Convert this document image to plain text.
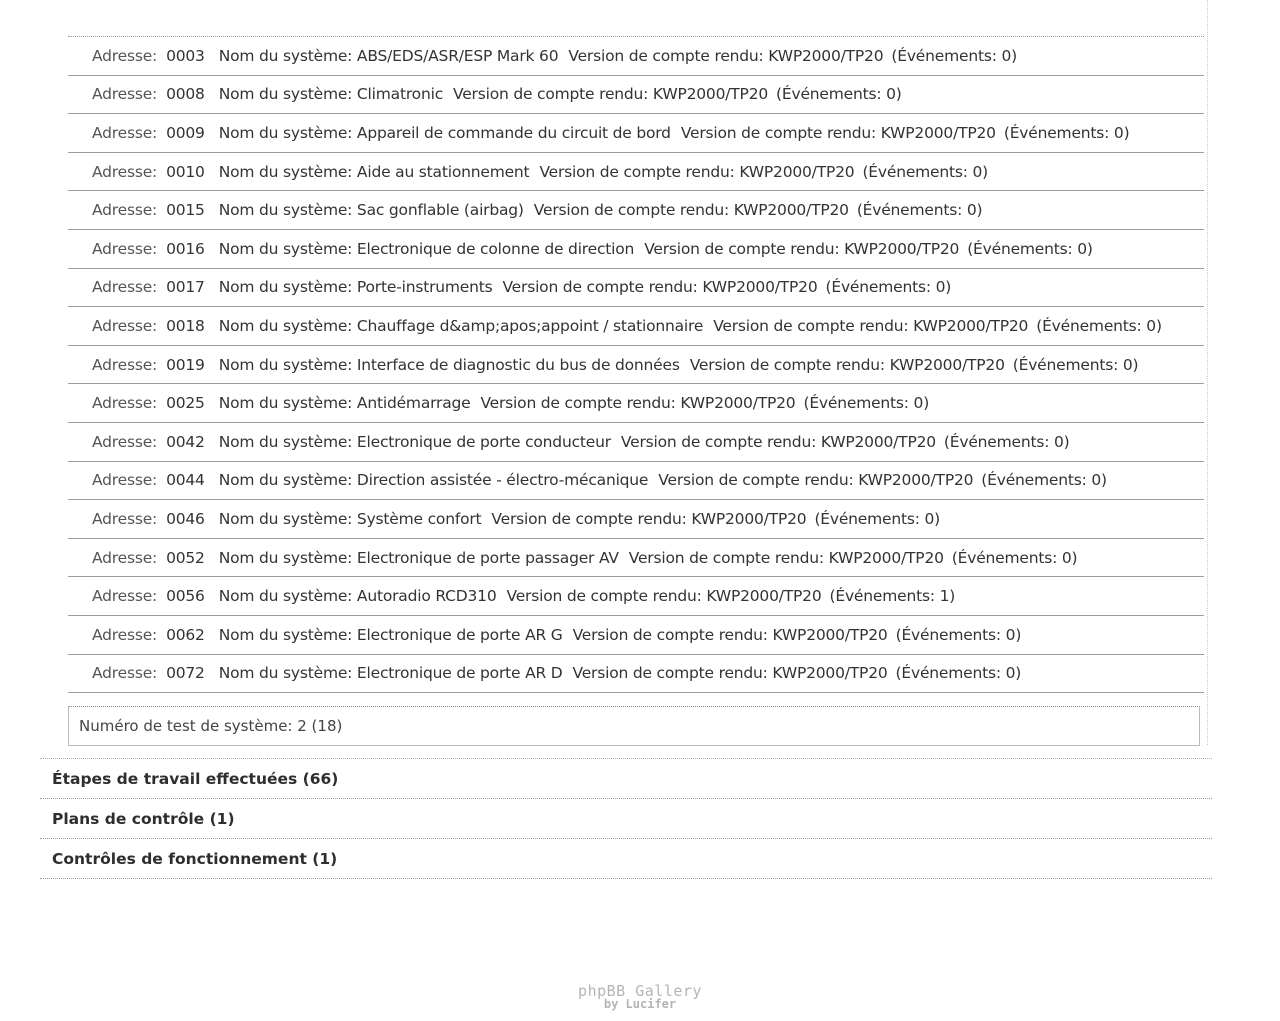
Adresse: 0003 Nom du système: ABS/EDS/ASR/ESP Mark 60 Version de compte rendu: KWP2000/TP20 (Événements: 0)
Adresse: 0008 Nom du système: Climatronic Version de compte rendu: KWP2000/TP20 (Événements: 0)
Adresse: 0009 Nom du système: Appareil de commande du circuit de bord Version de compte rendu: KWP2000/TP20 (Événements: 0)
Adresse: 0010 Nom du système: Aide au stationnement Version de compte rendu: KWP2000/TP20 (Événements: 0)
Adresse: 0015 Nom du système: Sac gonflable (airbag) Version de compte rendu: KWP2000/TP20 (Événements: 0)
Adresse: 0016 Nom du système: Electronique de colonne de direction Version de compte rendu: KWP2000/TP20 (Événements: 0)
Adresse: 0017 Nom du système: Porte-instruments Version de compte rendu: KWP2000/TP20 (Événements: 0)
Adresse: 0018 Nom du système: Chauffage d&amp;apos;appoint / stationnaire Version de compte rendu: KWP2000/TP20 (Événements: 0)
Adresse: 0019 Nom du système: Interface de diagnostic du bus de données Version de compte rendu: KWP2000/TP20 (Événements: 0)
Adresse: 0025 Nom du système: Antidémarrage Version de compte rendu: KWP2000/TP20 (Événements: 0)
Adresse: 0042 Nom du système: Electronique de porte conducteur Version de compte rendu: KWP2000/TP20 (Événements: 0)
Adresse: 0044 Nom du système: Direction assistée - électro-mécanique Version de compte rendu: KWP2000/TP20 (Événements: 0)
Adresse: 0046 Nom du système: Système confort Version de compte rendu: KWP2000/TP20 (Événements: 0)
Adresse: 0052 Nom du système: Electronique de porte passager AV Version de compte rendu: KWP2000/TP20 (Événements: 0)
Adresse: 0056 Nom du système: Autoradio RCD310 Version de compte rendu: KWP2000/TP20 (Événements: 1)
Adresse: 0062 Nom du système: Electronique de porte AR G Version de compte rendu: KWP2000/TP20 (Événements: 0)
Adresse: 0072 Nom du système: Electronique de porte AR D Version de compte rendu: KWP2000/TP20 (Événements: 0)
Numéro de test de système: 2 (18)
Étapes de travail effectuées (66)
Plans de contrôle (1)
Contrôles de fonctionnement (1)
phpBB Gallery
by Lucifer
